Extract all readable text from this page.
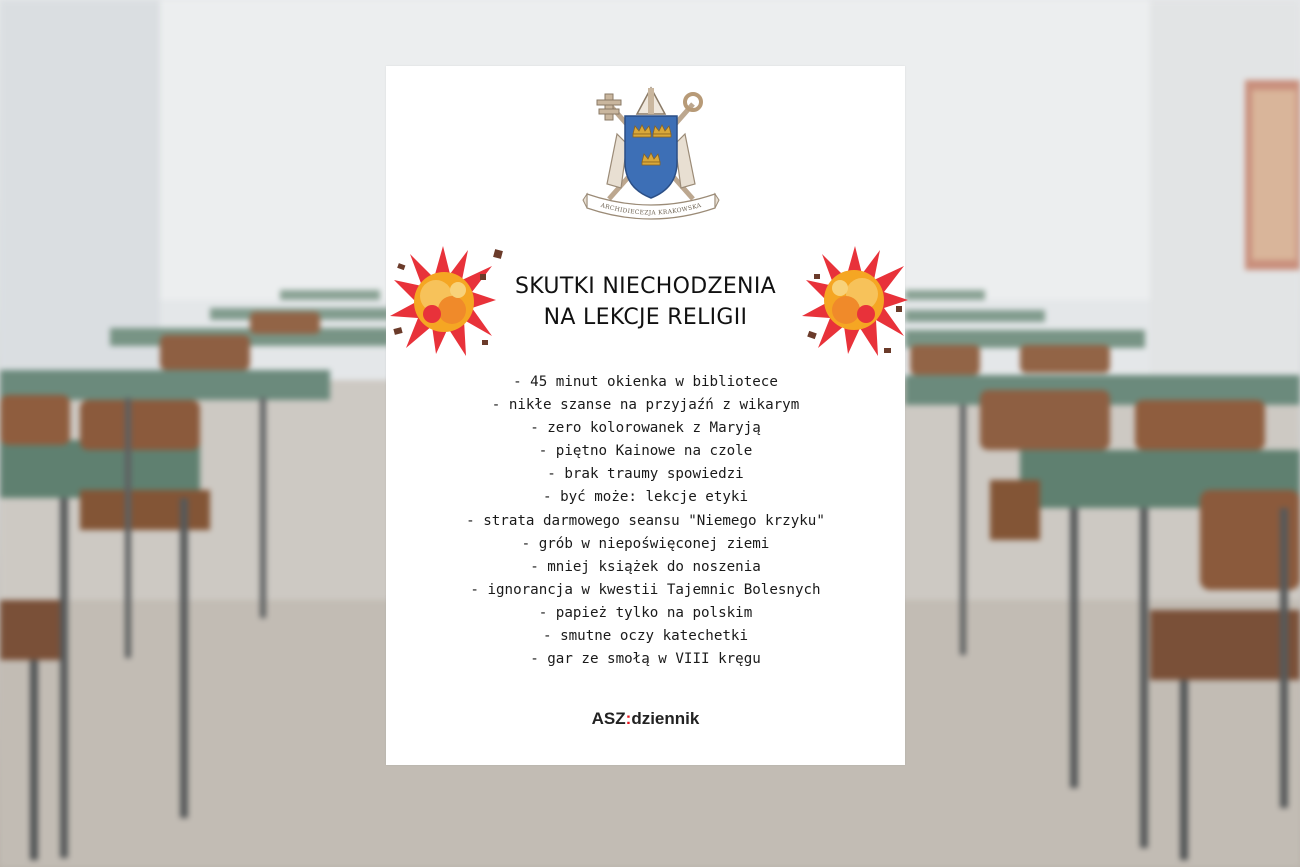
ARCHIDIECEZJA KRAKOWSKA
SKUTKI NIECHODZENIA
NA LEKCJE RELIGII
- 45 minut okienka w bibliotece
- nikłe szanse na przyjaźń z wikarym
- zero kolorowanek z Maryją
- piętno Kainowe na czole
- brak traumy spowiedzi
- być może: lekcje etyki
- strata darmowego seansu "Niemego krzyku"
- grób w niepoświęconej ziemi
- mniej książek do noszenia
- ignorancja w kwestii Tajemnic Bolesnych
- papież tylko na polskim
- smutne oczy katechetki
- gar ze smołą w VIII kręgu
ASZ:dziennik
